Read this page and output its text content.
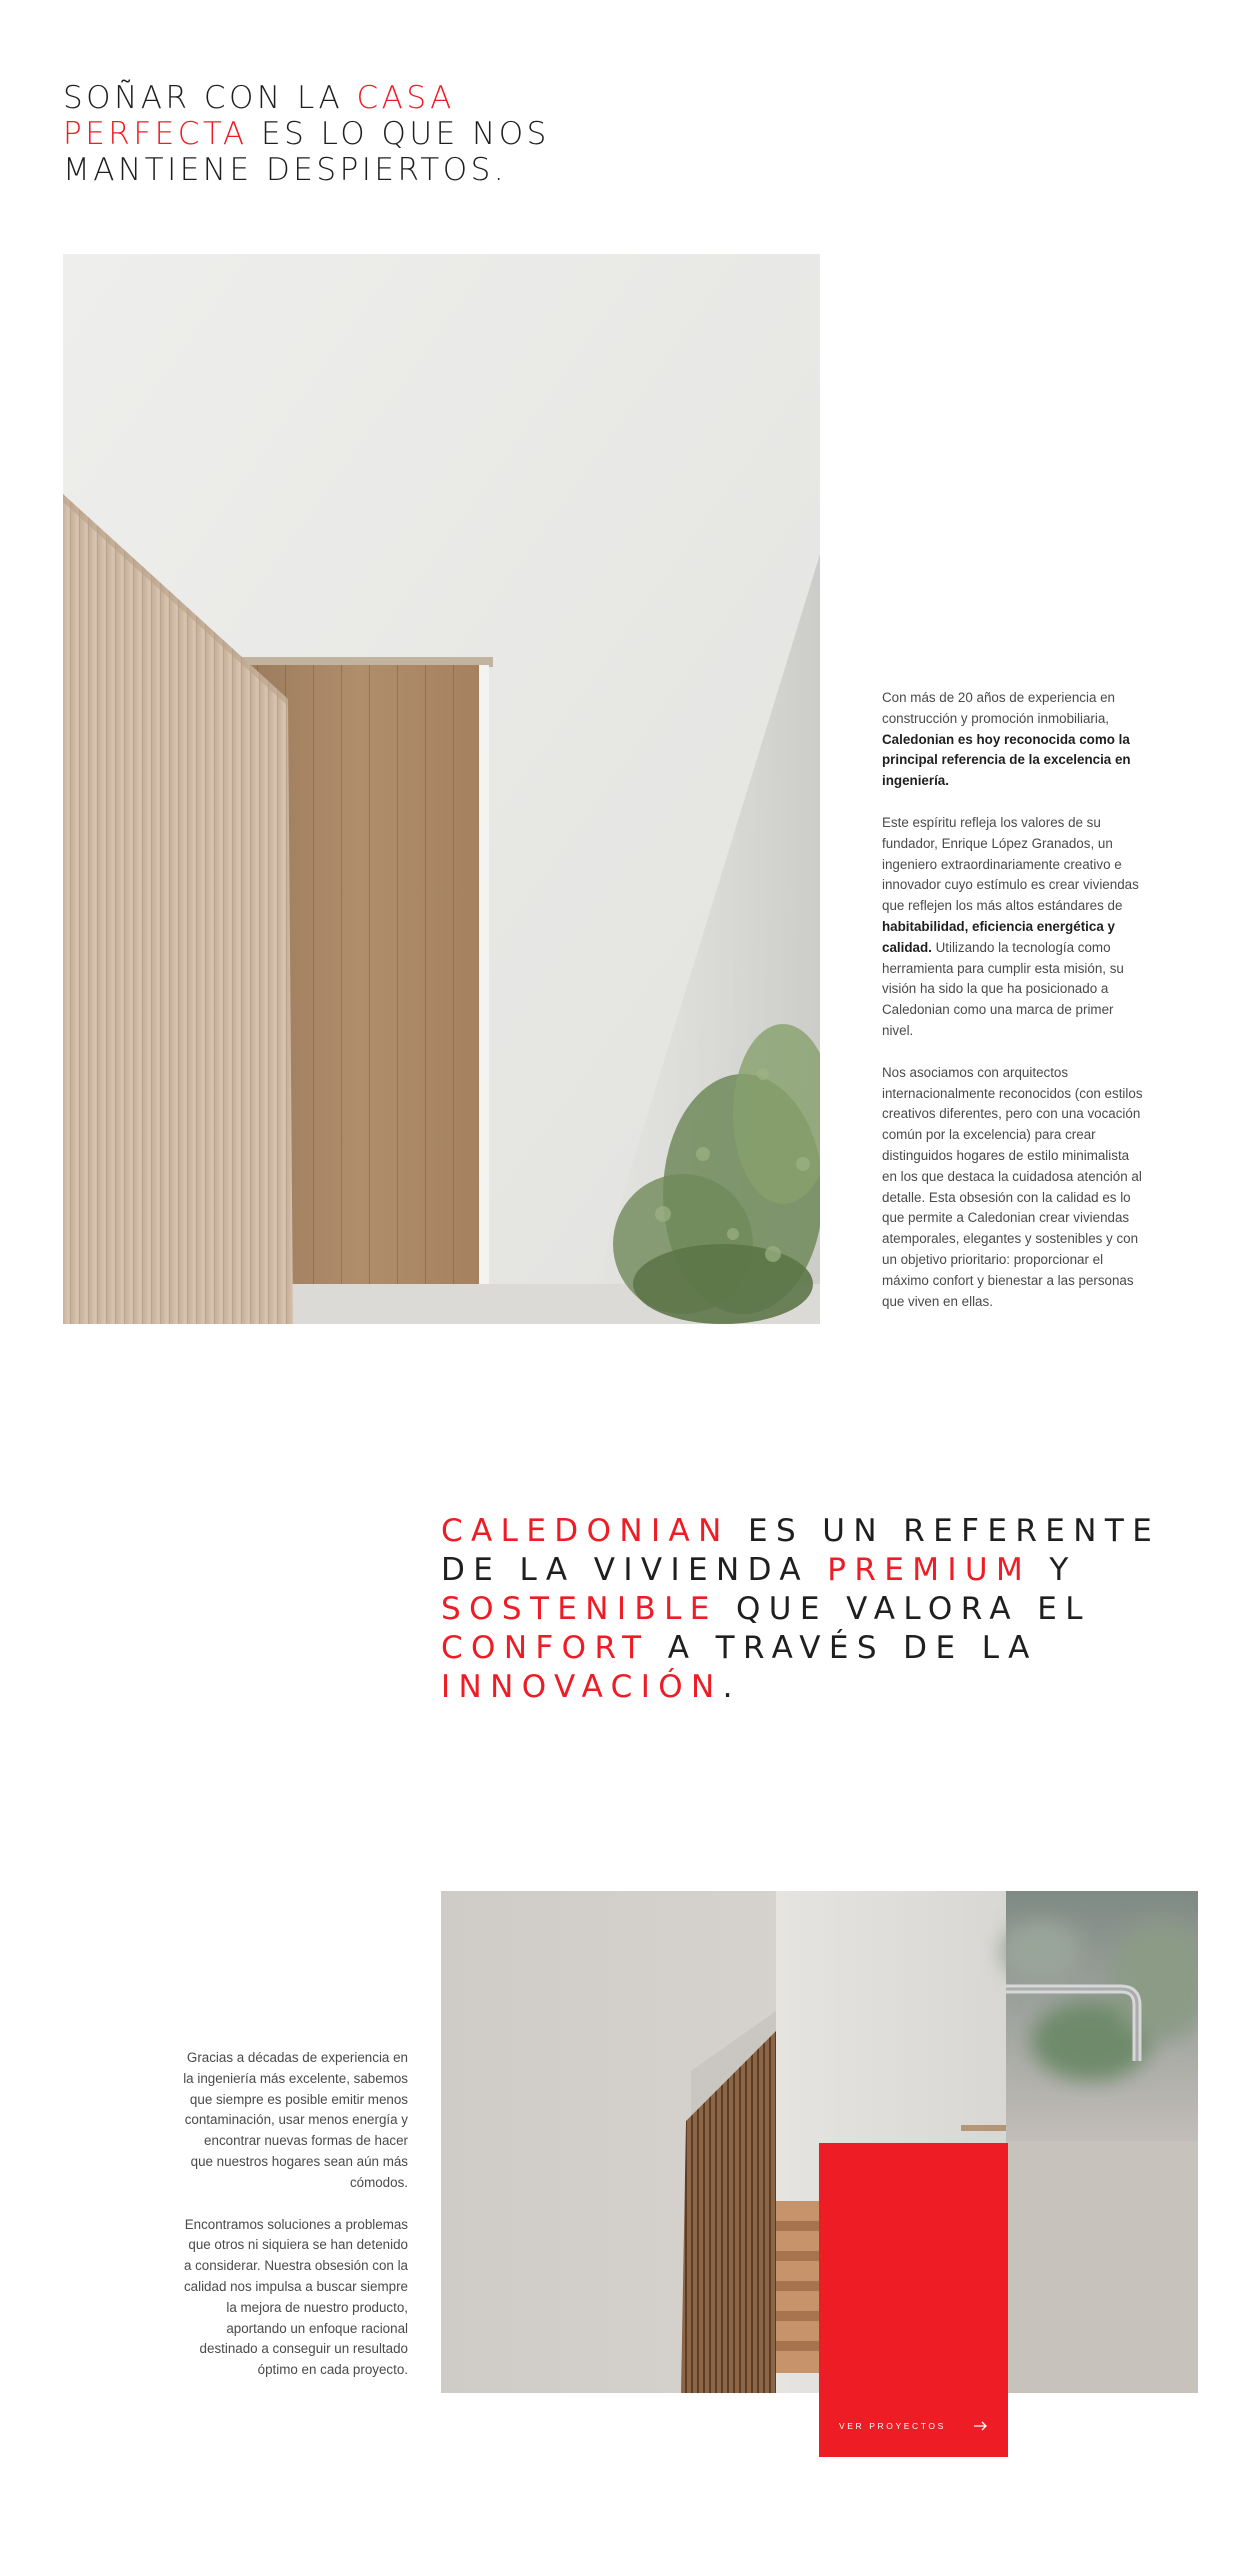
SOÑAR CON LA CASA PERFECTA ES LO QUE NOS MANTIENE DESPIERTOS.

Con más de 20 años de experiencia en construcción y promoción inmobiliaria, Caledonian es hoy reconocida como la principal referencia de la excelencia en ingeniería.

Este espíritu refleja los valores de su fundador, Enrique López Granados, un ingeniero extraordinariamente creativo e innovador cuyo estímulo es crear viviendas que reflejen los más altos estándares de habitabilidad, eficiencia energética y calidad. Utilizando la tecnología como herramienta para cumplir esta misión, su visión ha sido la que ha posicionado a Caledonian como una marca de primer nivel.

Nos asociamos con arquitectos internacionalmente reconocidos (con estilos creativos diferentes, pero con una vocación común por la excelencia) para crear distinguidos hogares de estilo minimalista en los que destaca la cuidadosa atención al detalle. Esta obsesión con la calidad es lo que permite a Caledonian crear viviendas atemporales, elegantes y sostenibles y con un objetivo prioritario: proporcionar el máximo confort y bienestar a las personas que viven en ellas.

CALEDONIAN ES UN REFERENTE DE LA VIVIENDA PREMIUM Y SOSTENIBLE QUE VALORA EL CONFORT A TRAVÉS DE LA INNOVACIÓN.

Gracias a décadas de experiencia en la ingeniería más excelente, sabemos que siempre es posible emitir menos contaminación, usar menos energía y encontrar nuevas formas de hacer que nuestros hogares sean aún más cómodos.

Encontramos soluciones a problemas que otros ni siquiera se han detenido a considerar. Nuestra obsesión con la calidad nos impulsa a buscar siempre la mejora de nuestro producto, aportando un enfoque racional destinado a conseguir un resultado óptimo en cada proyecto.

VER PROYECTOS
